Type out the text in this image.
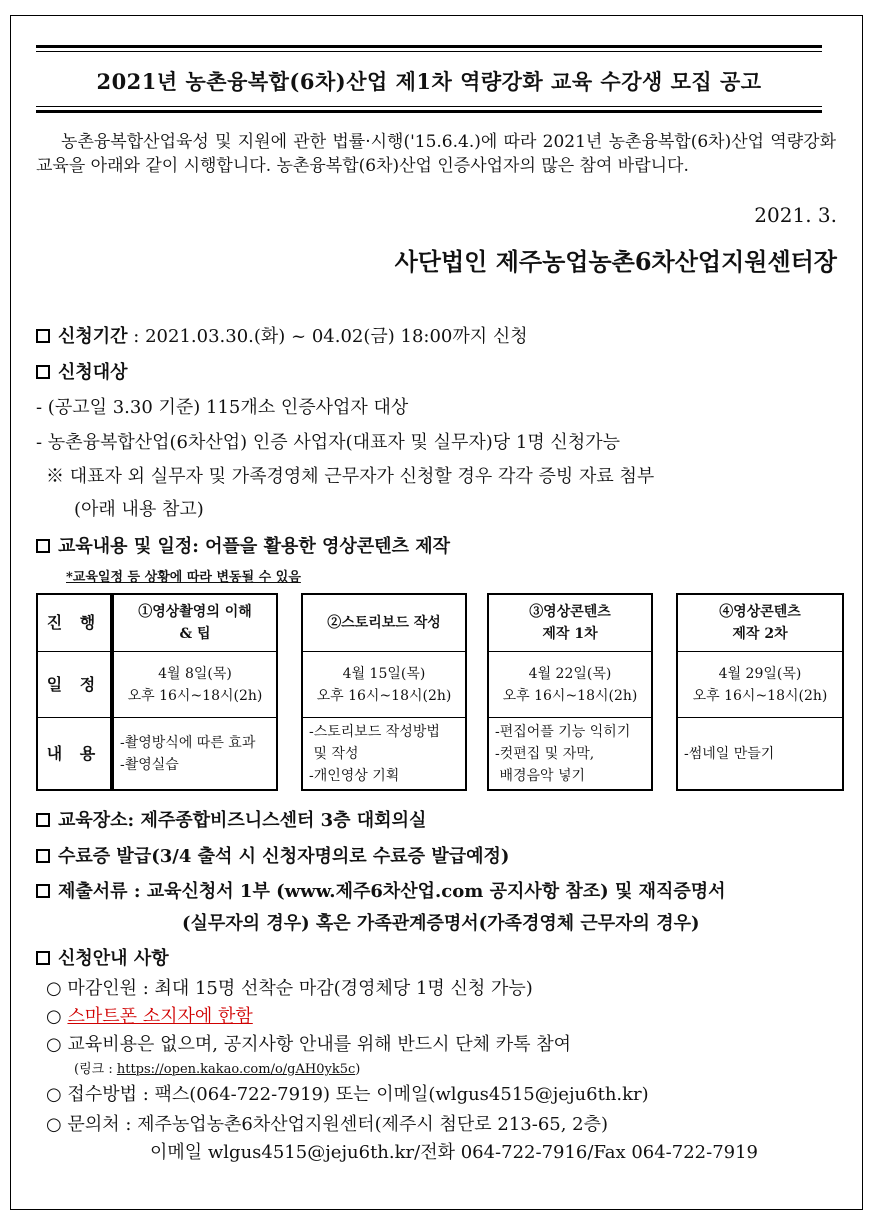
2021년 농촌융복합(6차)산업 제1차 역량강화 교육 수강생 모집 공고
농촌융복합산업육성 및 지원에 관한 법률·시행('15.6.4.)에 따라 2021년 농촌융복합(6차)산업 역량강화 교육을 아래와 같이 시행합니다. 농촌융복합(6차)산업 인증사업자의 많은 참여 바랍니다.
2021. 3.
사단법인 제주농업농촌6차산업지원센터장
신청기간 : 2021.03.30.(화) ~ 04.02(금) 18:00까지 신청
신청대상
- (공고일 3.30 기준) 115개소 인증사업자 대상
- 농촌융복합산업(6차산업) 인증 사업자(대표자 및 실무자)당 1명 신청가능
※ 대표자 외 실무자 및 가족경영체 근무자가 신청할 경우 각각 증빙 자료 첨부
(아래 내용 참고)
교육내용 및 일정: 어플을 활용한 영상콘텐츠 제작
*교육일정 등 상황에 따라 변동될 수 있음
진 행
일 정
내 용
①영상촬영의 이해
& 팁
4월 8일(목)
오후 16시~18시(2h)
-촬영방식에 따른 효과
-촬영실습
②스토리보드 작성
4월 15일(목)
오후 16시~18시(2h)
-스토리보드 작성방법
및 작성
-개인영상 기획
③영상콘텐츠
제작 1차
4월 22일(목)
오후 16시~18시(2h)
-편집어플 기능 익히기
-컷편집 및 자막,
배경음악 넣기
④영상콘텐츠
제작 2차
4월 29일(목)
오후 16시~18시(2h)
-썸네일 만들기
교육장소: 제주종합비즈니스센터 3층 대회의실
수료증 발급(3/4 출석 시 신청자명의로 수료증 발급예정)
제출서류 : 교육신청서 1부 (www.제주6차산업.com 공지사항 참조) 및 재직증명서
(실무자의 경우) 혹은 가족관계증명서(가족경영체 근무자의 경우)
신청안내 사항
○ 마감인원 : 최대 15명 선착순 마감(경영체당 1명 신청 가능)
○ 스마트폰 소지자에 한함
○ 교육비용은 없으며, 공지사항 안내를 위해 반드시 단체 카톡 참여
(링크 : https://open.kakao.com/o/gAH0yk5c)
○ 접수방법 : 팩스(064-722-7919) 또는 이메일(wlgus4515@jeju6th.kr)
○ 문의처 : 제주농업농촌6차산업지원센터(제주시 첨단로 213-65, 2층)
이메일 wlgus4515@jeju6th.kr/전화 064-722-7916/Fax 064-722-7919
